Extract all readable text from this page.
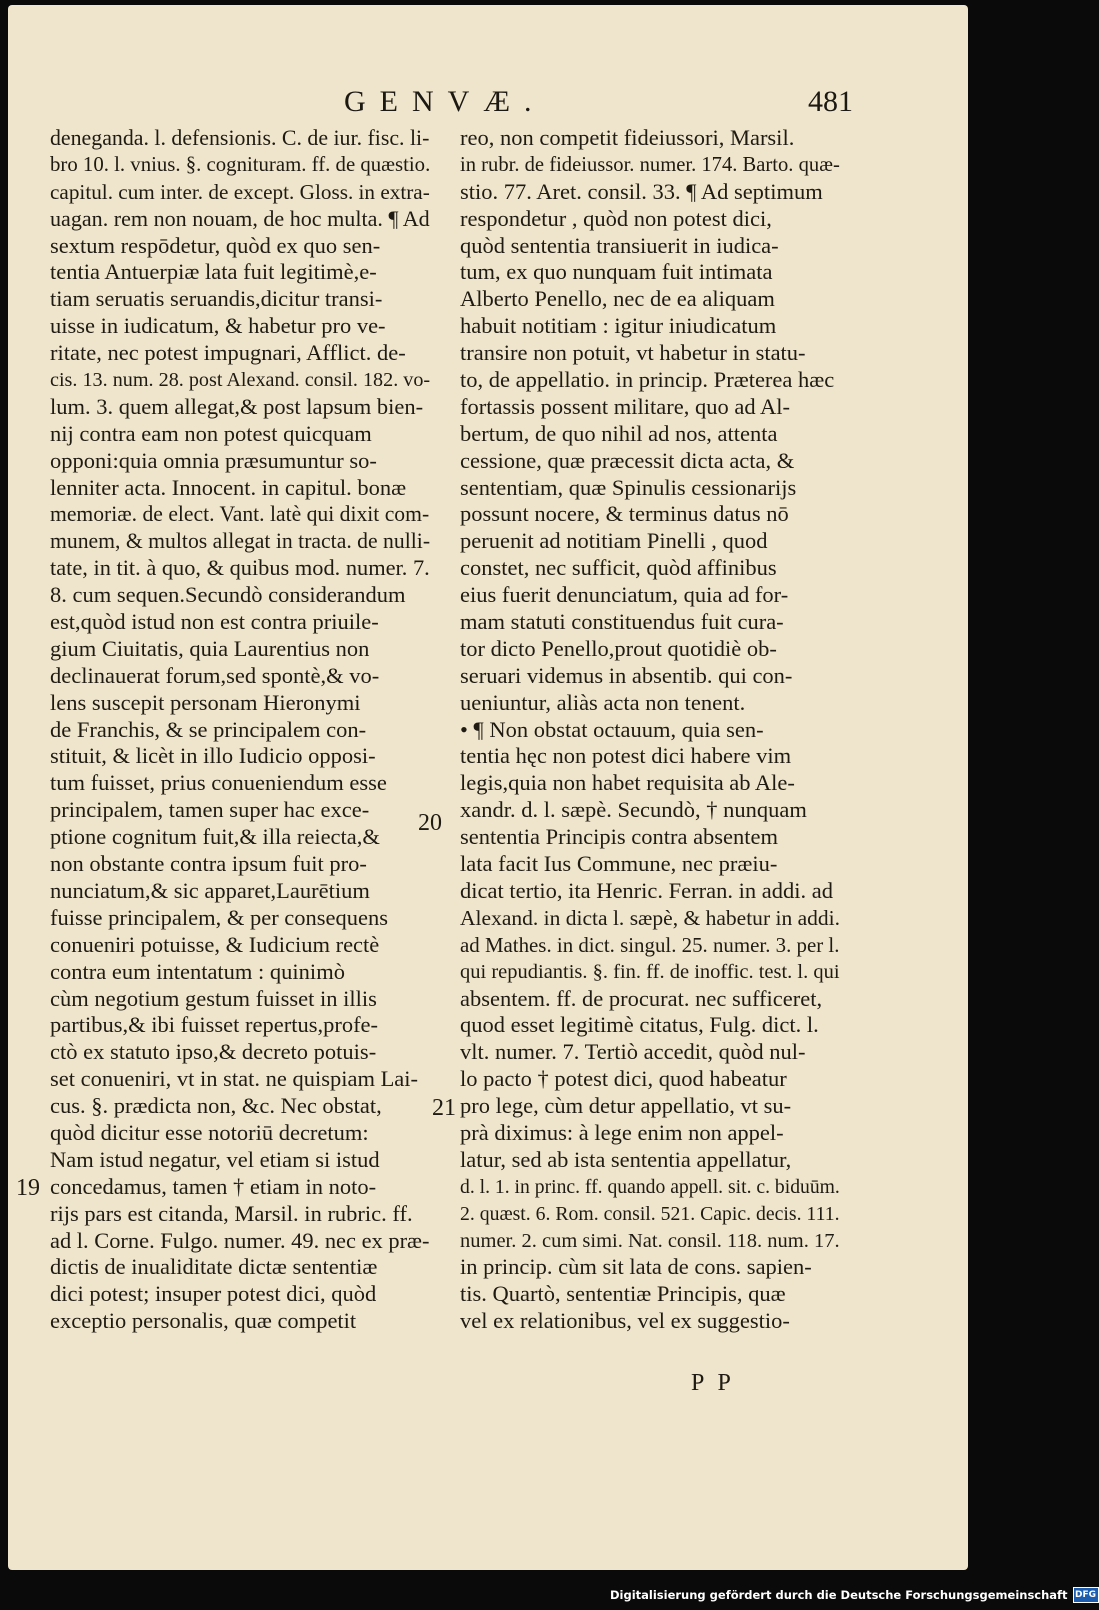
GENVÆ.	481
denegandа. l. defensionis. C. de iur. fisc. li-
bro 10. l. vnius. §. cognituram. ff. de quæstio.
capitul. cum inter. de except. Gloss. in extra-
uagan. rem non nouam, de hoc multa. ¶ Ad
sextum respōdetur, quòd ex quo sen-
tentia Antuerpiæ lata fuit legitimè,e-
tiam seruatis seruandis,dicitur transi-
uisse in iudicatum, & habetur pro ve-
ritate, nec potest impugnari, Afflict. de-
cis. 13. num. 28. post Alexand. consil. 182. vo-
lum. 3. quem allegat,& post lapsum bien-
nij contra eam non potest quicquam
opponi:quia omnia præsumuntur so-
lenniter acta. Innocent. in capitul. bonæ
memoriæ. de elect. Vant. latè qui dixit com-
munem, & multos allegat in tracta. de nulli-
tate, in tit. à quo, & quibus mod. numer. 7.
8. cum sequen.Secundò considerandum
est,quòd istud non est contra priuile-
gium Ciuitatis, quia Laurentius non
declinauerat forum,sed spontè,& vo-
lens suscepit personam Hieronymi
de Franchis, & se principalem con-
stituit, & licèt in illo Iudicio opposi-
tum fuisset, prius conueniendum esse
principalem, tamen super hac exce-
ptione cognitum fuit,& illa reiecta,&
non obstante contra ipsum fuit pro-
nunciatum,& sic apparet,Laurētium
fuisse principalem, & per consequens
conueniri potuisse, & Iudicium rectè
contra eum intentatum : quinimò
cùm negotium gestum fuisset in illis
partibus,& ibi fuisset repertus,profe-
ctò ex statuto ipso,& decreto potuis-
set conueniri, vt in stat. ne quispiam Lai-
cus. §. prædicta non, &c. Nec obstat,
quòd dicitur esse notoriū decretum:
Nam istud negatur, vel etiam si istud
concedamus, tamen † etiam in noto-
rijs pars est citanda, Marsil. in rubric. ff.
ad l. Corne. Fulgo. numer. 49. nec ex præ-
dictis de inualiditate dictæ sententiæ
dici potest; insuper potest dici, quòd
exceptio personalis, quæ competit
reo, non competit fideiussori, Marsil.
in rubr. de fideiussor. numer. 174. Barto. quæ-
stio. 77. Aret. consil. 33. ¶ Ad septimum
respondetur , quòd non potest dici,
quòd sententia transiuerit in iudica-
tum, ex quo nunquam fuit intimata
Alberto Penello, nec de ea aliquam
habuit notitiam : igitur iniudicatum
transire non potuit, vt habetur in statu-
to, de appellatio. in princip. Præterea hæc
fortassis possent militare, quo ad Al-
bertum, de quo nihil ad nos, attenta
cessione, quæ præcessit dicta acta, &
sententiam, quæ Spinulis cessionarijs
possunt nocere, & terminus datus nō
peruenit ad notitiam Pinelli , quod
constet, nec sufficit, quòd affinibus
eius fuerit denunciatum, quia ad for-
mam statuti constituendus fuit cura-
tor dicto Penello,prout quotidiè ob-
seruari videmus in absentib. qui con-
ueniuntur, aliàs acta non tenent.
• ¶ Non obstat octauum, quia sen-
tentia hęc non potest dici habere vim
legis,quia non habet requisita ab Ale-
xandr. d. l. sæpè. Secundò, † nunquam
sententia Principis contra absentem
lata facit Ius Commune, nec præiu-
dicat tertio, ita Henric. Ferran. in addi. ad
Alexand. in dicta l. sæpè, & habetur in addi.
ad Mathes. in dict. singul. 25. numer. 3. per l.
qui repudiantis. §. fin. ff. de inoffic. test. l. qui
absentem. ff. de procurat. nec sufficeret,
quod esset legitimè citatus, Fulg. dict. l.
vlt. numer. 7. Tertiò accedit, quòd nul-
lo pacto † potest dici, quod habeatur
pro lege, cùm detur appellatio, vt su-
prà diximus: à lege enim non appel-
latur, sed ab ista sententia appellatur,
d. l. 1. in princ. ff. quando appell. sit. c. biduūm.
2. quæst. 6. Rom. consil. 521. Capic. decis. 111.
numer. 2. cum simi. Nat. consil. 118. num. 17.
in princip. cùm sit lata de cons. sapien-
tis. Quartò, sententiæ Principis, quæ
vel ex relationibus, vel ex suggestio-
19
20
21
P P
Digitalisierung gefördert durch die Deutsche Forschungsgemeinschaft DFG
